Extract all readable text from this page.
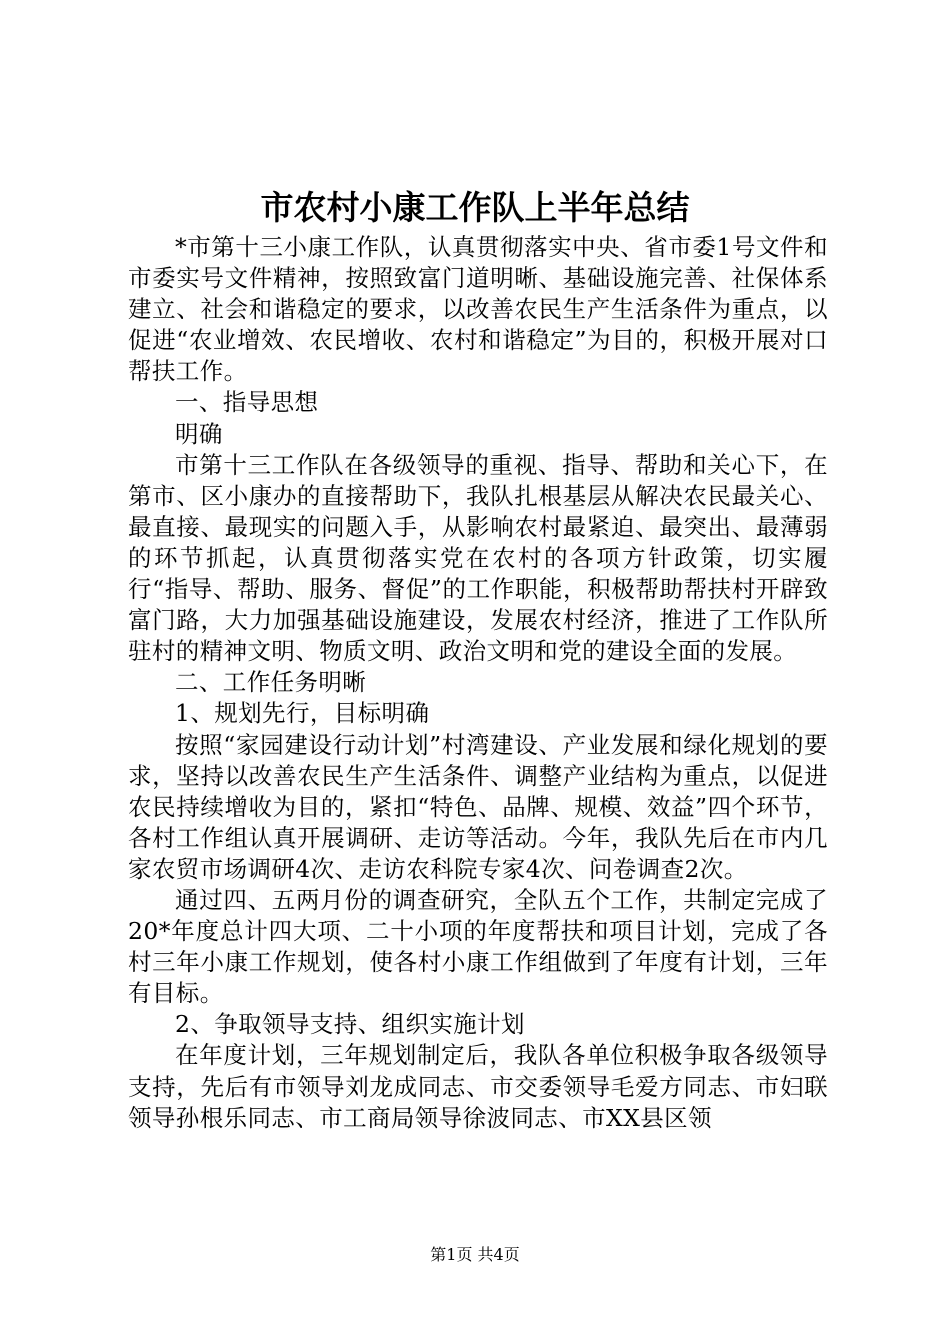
市农村小康工作队上半年总结

*市第十三小康工作队，认真贯彻落实中央、省市委1号文件和市委实号文件精神，按照致富门道明晰、基础设施完善、社保体系建立、社会和谐稳定的要求，以改善农民生产生活条件为重点，以促进“农业增效、农民增收、农村和谐稳定”为目的，积极开展对口帮扶工作。

一、指导思想

明确

市第十三工作队在各级领导的重视、指导、帮助和关心下，在第市、区小康办的直接帮助下，我队扎根基层从解决农民最关心、最直接、最现实的问题入手，从影响农村最紧迫、最突出、最薄弱的环节抓起，认真贯彻落实党在农村的各项方针政策，切实履行“指导、帮助、服务、督促”的工作职能，积极帮助帮扶村开辟致富门路，大力加强基础设施建设，发展农村经济，推进了工作队所驻村的精神文明、物质文明、政治文明和党的建设全面的发展。

二、工作任务明晰

1、规划先行，目标明确

按照“家园建设行动计划”村湾建设、产业发展和绿化规划的要求，坚持以改善农民生产生活条件、调整产业结构为重点，以促进农民持续增收为目的，紧扣“特色、品牌、规模、效益”四个环节，各村工作组认真开展调研、走访等活动。今年，我队先后在市内几家农贸市场调研4次、走访农科院专家4次、问卷调查2次。

通过四、五两月份的调查研究，全队五个工作，共制定完成了20*年度总计四大项、二十小项的年度帮扶和项目计划，完成了各村三年小康工作规划，使各村小康工作组做到了年度有计划，三年有目标。

2、争取领导支持、组织实施计划

在年度计划，三年规划制定后，我队各单位积极争取各级领导支持，先后有市领导刘龙成同志、市交委领导毛爱方同志、市妇联领导孙根乐同志、市工商局领导徐波同志、市XX县区领

第1页 共4页
